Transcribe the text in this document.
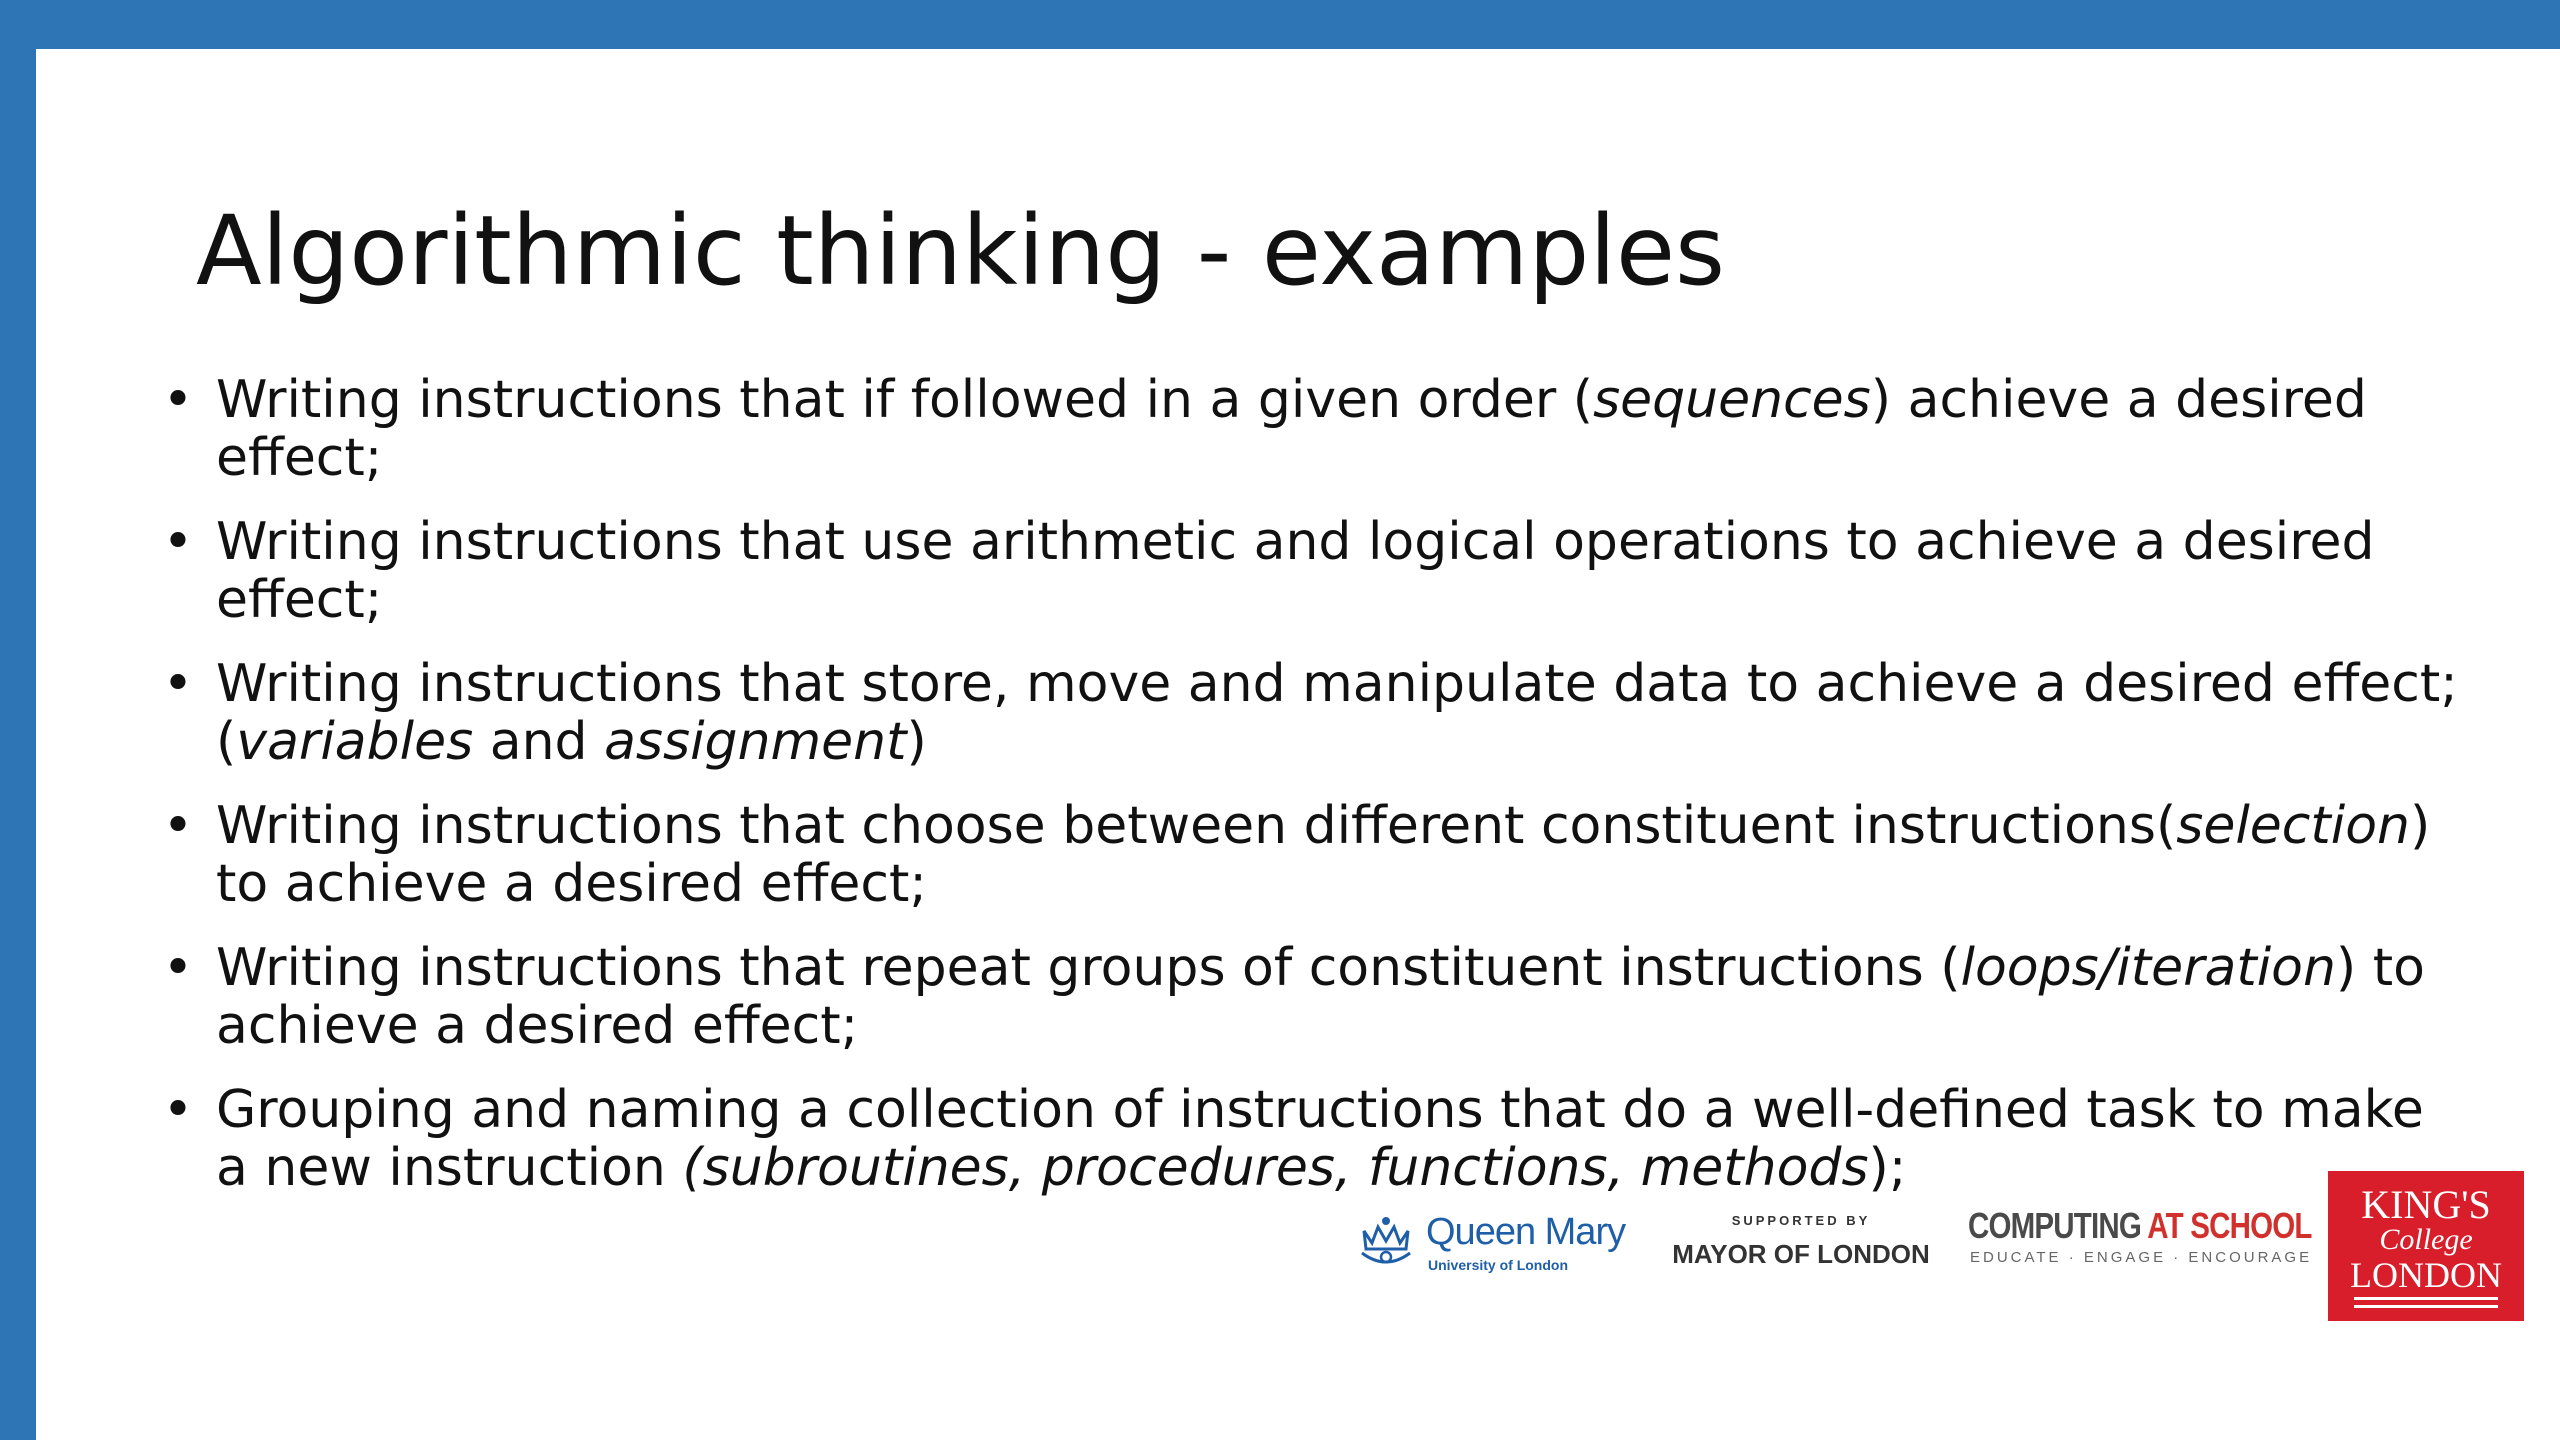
Algorithmic thinking - examples
• Writing instructions that if followed in a given order (sequences) achieve a desired effect;
• Writing instructions that use arithmetic and logical operations to achieve a desired effect;
• Writing instructions that store, move and manipulate data to achieve a desired effect; (variables and assignment)
• Writing instructions that choose between different constituent instructions(selection) to achieve a desired effect;
• Writing instructions that repeat groups of constituent instructions (loops/iteration) to achieve a desired effect;
• Grouping and naming a collection of instructions that do a well-defined task to make a new instruction (subroutines, procedures, functions, methods);
Queen Mary
University of London
SUPPORTED BY
MAYOR OF LONDON
COMPUTING AT SCHOOL
EDUCATE · ENGAGE · ENCOURAGE
KING'S
College
LONDON
